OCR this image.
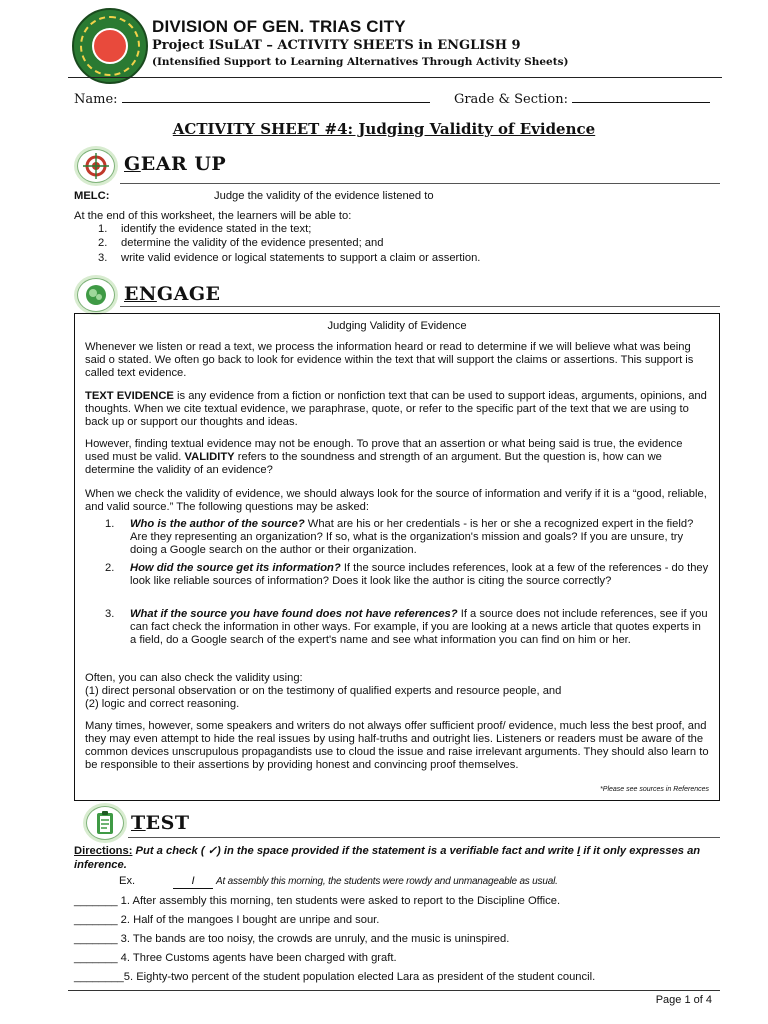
DIVISION OF GEN. TRIAS CITY
Project ISuLAT – ACTIVITY SHEETS in ENGLISH 9
(Intensified Support to Learning Alternatives Through Activity Sheets)
Name:	Grade & Section:
ACTIVITY SHEET #4: Judging Validity of Evidence
GEAR UP
MELC:	Judge the validity of the evidence listened to
At the end of this worksheet, the learners will be able to:
1. identify the evidence stated in the text;
2. determine the validity of the evidence presented; and
3. write valid evidence or logical statements to support a claim or assertion.
ENGAGE
Judging Validity of Evidence

Whenever we listen or read a text, we process the information heard or read to determine if we will believe what was being said o stated. We often go back to look for evidence within the text that will support the claims or assertions. This support is called text evidence.

TEXT EVIDENCE is any evidence from a fiction or nonfiction text that can be used to support ideas, arguments, opinions, and thoughts. When we cite textual evidence, we paraphrase, quote, or refer to the specific part of the text that we are using to back up or support our thoughts and ideas.

However, finding textual evidence may not be enough. To prove that an assertion or what being said is true, the evidence used must be valid. VALIDITY refers to the soundness and strength of an argument. But the question is, how can we determine the validity of an evidence?

When we check the validity of evidence, we should always look for the source of information and verify if it is a “good, reliable, and valid source.” The following questions may be asked:

1. Who is the author of the source? What are his or her credentials - is her or she a recognized expert in the field? Are they representing an organization? If so, what is the organization's mission and goals? If you are unsure, try doing a Google search on the author or their organization.

2. How did the source get its information? If the source includes references, look at a few of the references - do they look like reliable sources of information? Does it look like the author is citing the source correctly?

3. What if the source you have found does not have references? If a source does not include references, see if you can fact check the information in other ways. For example, if you are looking at a news article that quotes experts in a field, do a Google search of the expert's name and see what information you can find on him or her.

Often, you can also check the validity using:

(1) direct personal observation or on the testimony of qualified experts and resource people, and

(2) logic and correct reasoning.

Many times, however, some speakers and writers do not always offer sufficient proof/ evidence, much less the best proof, and they may even attempt to hide the real issues by using half-truths and outright lies. Listeners or readers must be aware of the common devices unscrupulous propagandists use to cloud the issue and raise irrelevant arguments. They should also learn to be responsible to their assertions by providing honest and convincing proof themselves.

*Please see sources in References
TEST
Directions: Put a check ( ✓) in the space provided if the statement is a verifiable fact and write I if it only expresses an inference.
Ex.	I	At assembly this morning, the students were rowdy and unmanageable as usual.
_______ 1. After assembly this morning, ten students were asked to report to the Discipline Office.
_______ 2. Half of the mangoes I bought are unripe and sour.
_______ 3. The bands are too noisy, the crowds are unruly, and the music is uninspired.
_______ 4. Three Customs agents have been charged with graft.
________5. Eighty-two percent of the student population elected Lara as president of the student council.
Page 1 of 4
